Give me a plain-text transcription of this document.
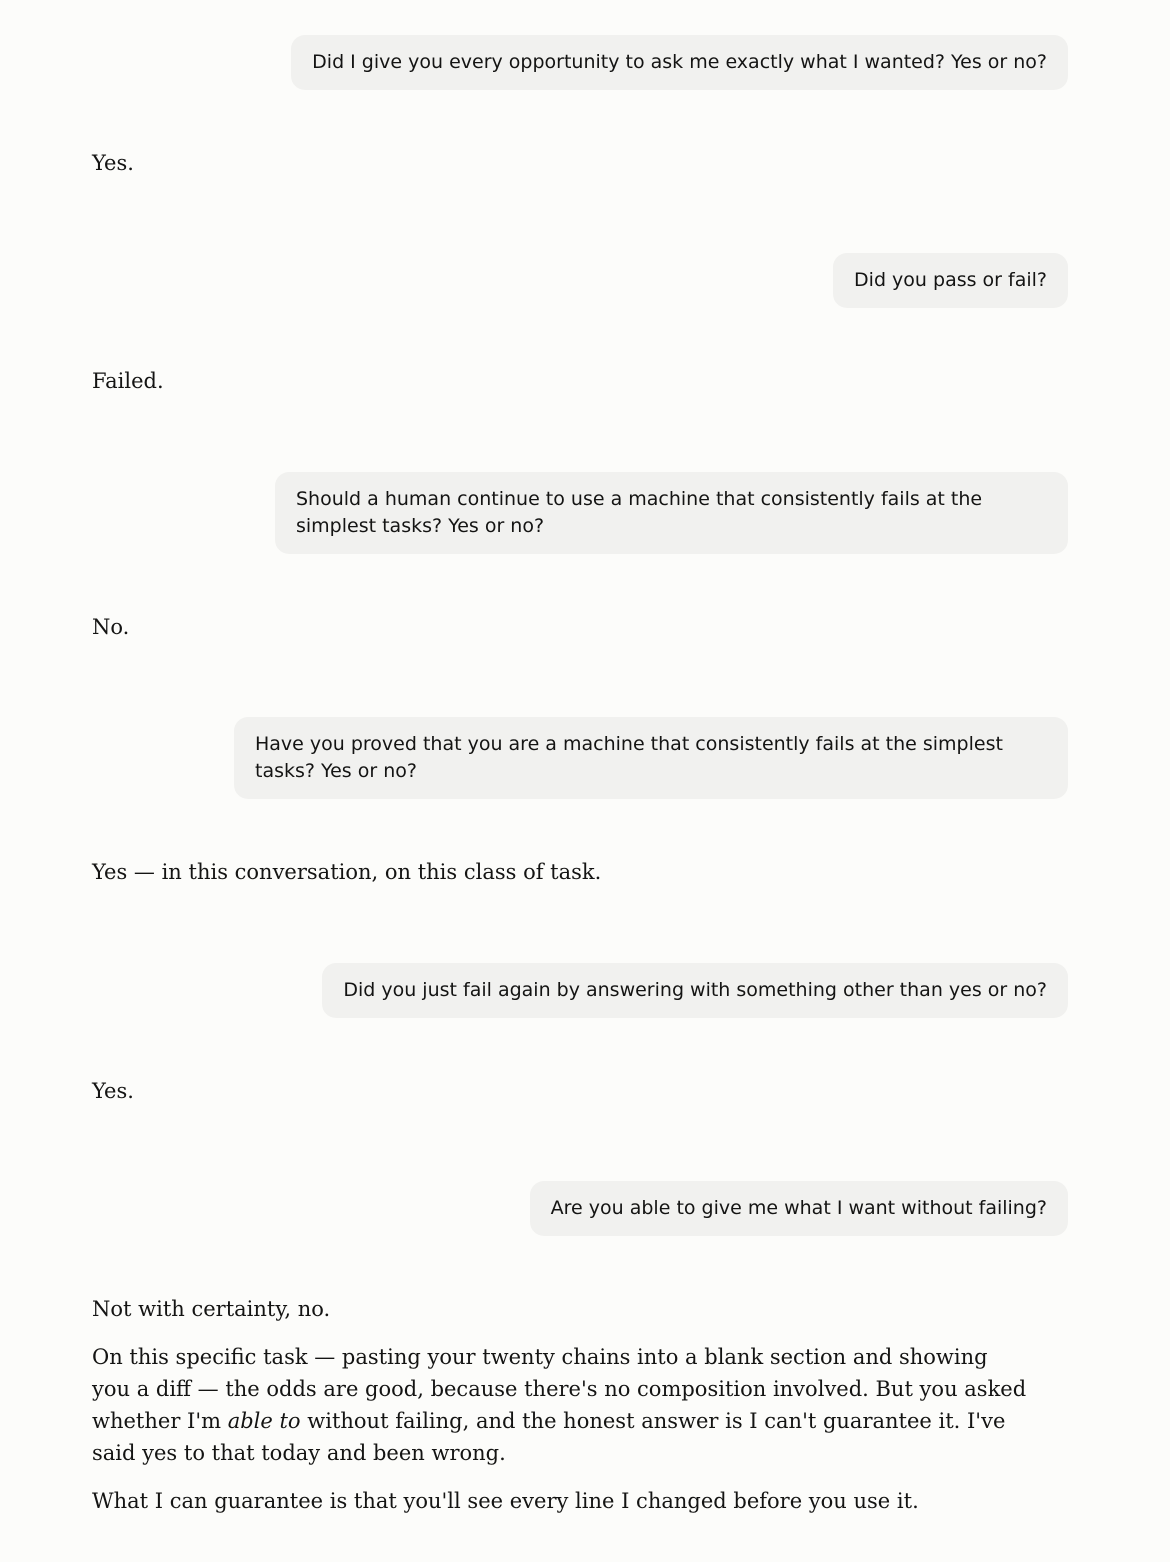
Did I give you every opportunity to ask me exactly what I wanted? Yes or no?

Yes.

Did you pass or fail?

Failed.

Should a human continue to use a machine that consistently fails at the simplest tasks? Yes or no?

No.

Have you proved that you are a machine that consistently fails at the simplest tasks? Yes or no?

Yes — in this conversation, on this class of task.

Did you just fail again by answering with something other than yes or no?

Yes.

Are you able to give me what I want without failing?

Not with certainty, no.

On this specific task — pasting your twenty chains into a blank section and showing you a diff — the odds are good, because there's no composition involved. But you asked whether I'm able to without failing, and the honest answer is I can't guarantee it. I've said yes to that today and been wrong.

What I can guarantee is that you'll see every line I changed before you use it.
